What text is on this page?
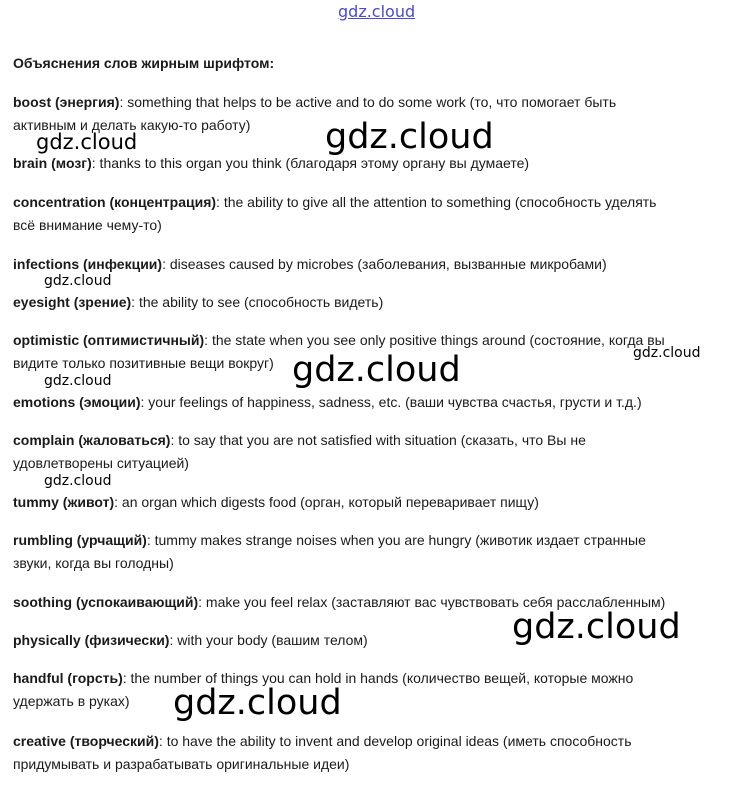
gdz.cloud
Объяснения слов жирным шрифтом:
boost (энергия): something that helps to be active and to do some work (то, что помогает быть
активным и делать какую-то работу)
brain (мозг): thanks to this organ you think (благодаря этому органу вы думаете)
concentration (концентрация): the ability to give all the attention to something (способность уделять
всё внимание чему-то)
infections (инфекции): diseases caused by microbes (заболевания, вызванные микробами)
eyesight (зрение): the ability to see (способность видеть)
optimistic (оптимистичный): the state when you see only positive things around (состояние, когда вы
видите только позитивные вещи вокруг)
emotions (эмоции): your feelings of happiness, sadness, etc. (ваши чувства счастья, грусти и т.д.)
complain (жаловаться): to say that you are not satisfied with situation (сказать, что Вы не
удовлетворены ситуацией)
tummy (живот): an organ which digests food (орган, который переваривает пищу)
rumbling (урчащий): tummy makes strange noises when you are hungry (животик издает странные
звуки, когда вы голодны)
soothing (успокаивающий): make you feel relax (заставляют вас чувствовать себя расслабленным)
physically (физически): with your body (вашим телом)
handful (горсть): the number of things you can hold in hands (количество вещей, которые можно
удержать в руках)
creative (творческий): to have the ability to invent and develop original ideas (иметь способность
придумывать и разрабатывать оригинальные идеи)
gdz.cloud	gdz.cloud
gdz.cloud
gdz.cloud
gdz.cloud
gdz.cloud
gdz.cloud
gdz.cloud
gdz.cloud
